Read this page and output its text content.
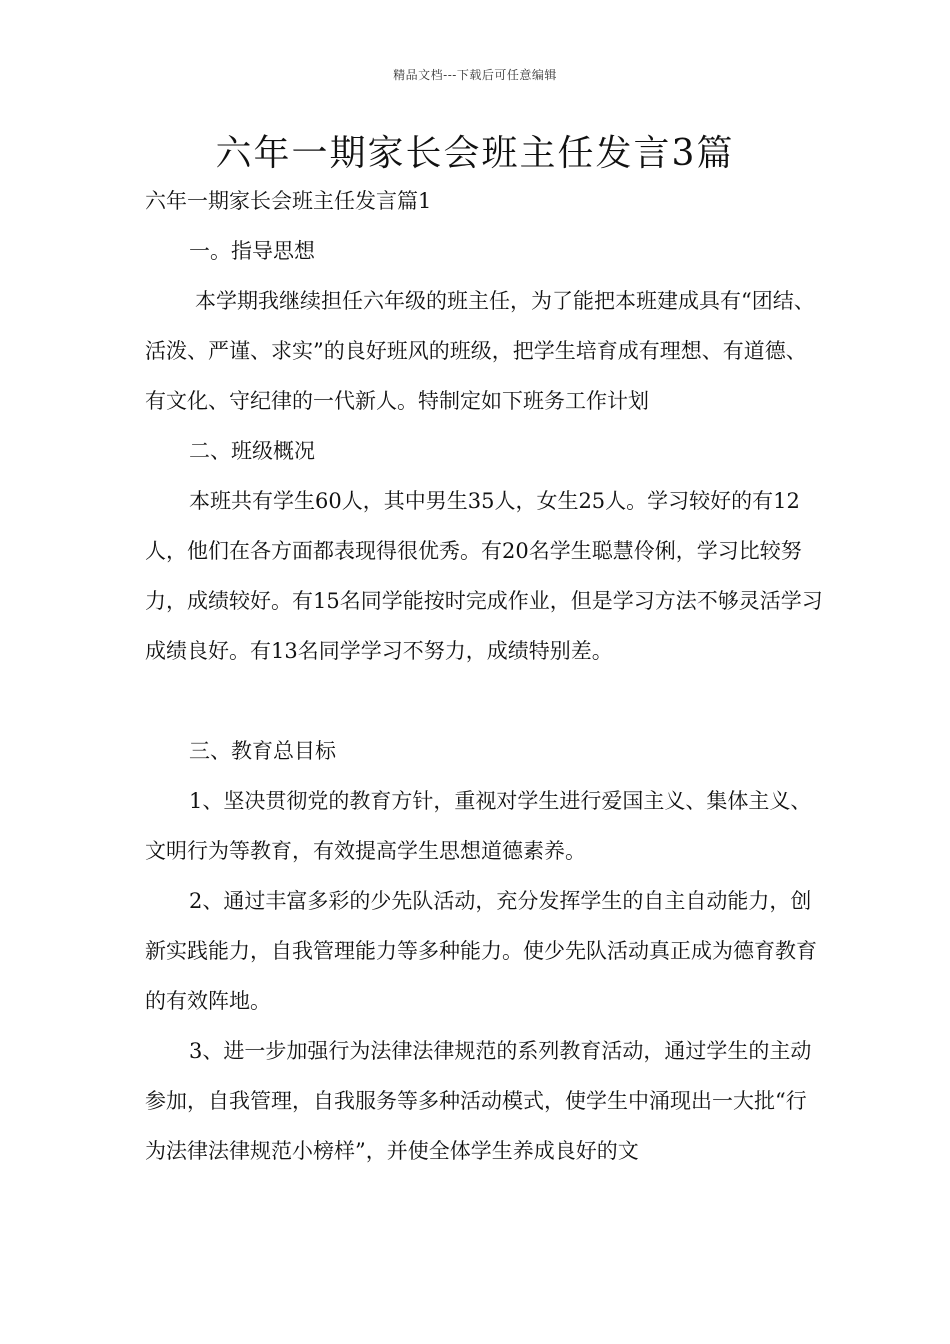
精品文档---下载后可任意编辑
六年一期家长会班主任发言3篇

六年一期家长会班主任发言篇1

一。指导思想

本学期我继续担任六年级的班主任，为了能把本班建成具有“团结、活泼、严谨、求实”的良好班风的班级，把学生培育成有理想、有道德、有文化、守纪律的一代新人。特制定如下班务工作计划

二、班级概况

本班共有学生60人，其中男生35人，女生25人。学习较好的有12人，他们在各方面都表现得很优秀。有20名学生聪慧伶俐，学习比较努力，成绩较好。有15名同学能按时完成作业，但是学习方法不够灵活学习成绩良好。有13名同学学习不努力，成绩特别差。

三、教育总目标

1、坚决贯彻党的教育方针，重视对学生进行爱国主义、集体主义、文明行为等教育，有效提高学生思想道德素养。

2、通过丰富多彩的少先队活动，充分发挥学生的自主自动能力，创新实践能力，自我管理能力等多种能力。使少先队活动真正成为德育教育的有效阵地。

3、进一步加强行为法律法律规范的系列教育活动，通过学生的主动参加，自我管理，自我服务等多种活动模式，使学生中涌现出一大批“行为法律法律规范小榜样”，并使全体学生养成良好的文
